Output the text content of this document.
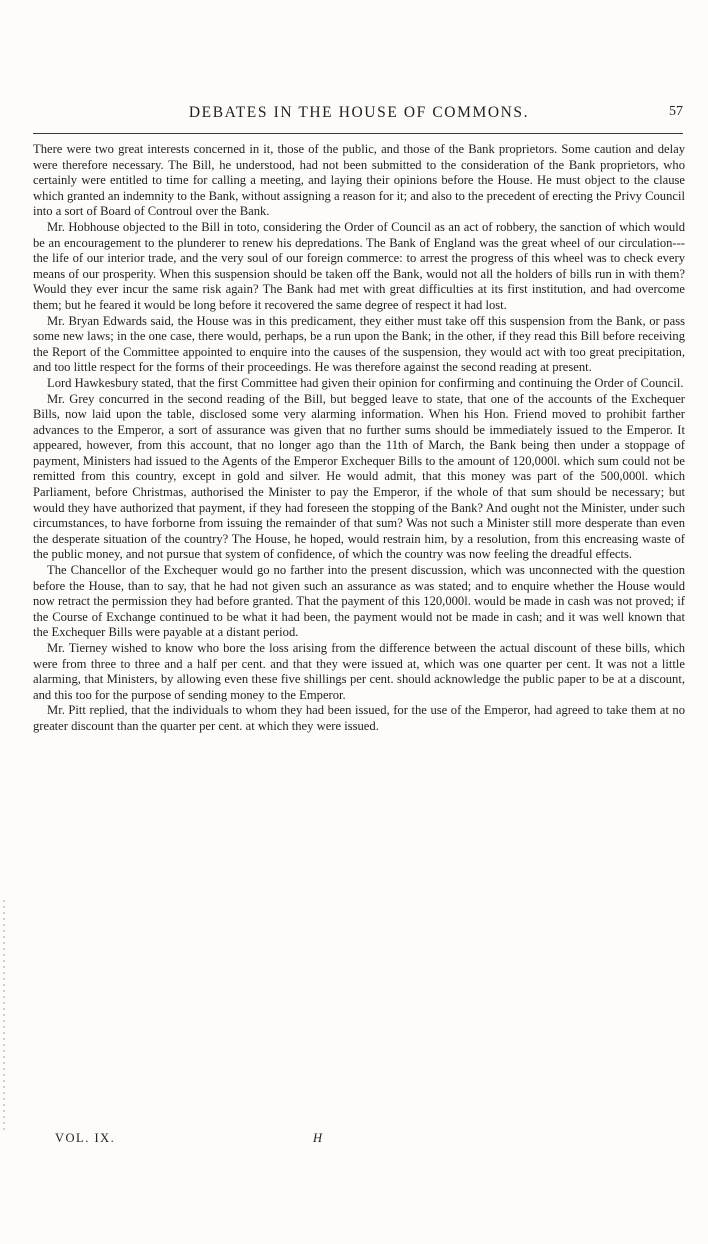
DEBATES IN THE HOUSE OF COMMONS.	57

There were two great interests concerned in it, those of the public, and those of the Bank proprietors. Some caution and delay were therefore necessary. The Bill, he understood, had not been submitted to the consideration of the Bank proprietors, who certainly were entitled to time for calling a meeting, and laying their opinions before the House. He must object to the clause which granted an indemnity to the Bank, without assigning a reason for it; and also to the precedent of erecting the Privy Council into a sort of Board of Controul over the Bank.

Mr. Hobhouse objected to the Bill in toto, considering the Order of Council as an act of robbery, the sanction of which would be an encouragement to the plunderer to renew his depredations. The Bank of England was the great wheel of our circulation---the life of our interior trade, and the very soul of our foreign commerce: to arrest the progress of this wheel was to check every means of our prosperity. When this suspension should be taken off the Bank, would not all the holders of bills run in with them? Would they ever incur the same risk again? The Bank had met with great difficulties at its first institution, and had overcome them; but he feared it would be long before it recovered the same degree of respect it had lost.

Mr. Bryan Edwards said, the House was in this predicament, they either must take off this suspension from the Bank, or pass some new laws; in the one case, there would, perhaps, be a run upon the Bank; in the other, if they read this Bill before receiving the Report of the Committee appointed to enquire into the causes of the suspension, they would act with too great precipitation, and too little respect for the forms of their proceedings. He was therefore against the second reading at present.

Lord Hawkesbury stated, that the first Committee had given their opinion for confirming and continuing the Order of Council.

Mr. Grey concurred in the second reading of the Bill, but begged leave to state, that one of the accounts of the Exchequer Bills, now laid upon the table, disclosed some very alarming information. When his Hon. Friend moved to prohibit farther advances to the Emperor, a sort of assurance was given that no further sums should be immediately issued to the Emperor. It appeared, however, from this account, that no longer ago than the 11th of March, the Bank being then under a stoppage of payment, Ministers had issued to the Agents of the Emperor Exchequer Bills to the amount of 120,000l. which sum could not be remitted from this country, except in gold and silver. He would admit, that this money was part of the 500,000l. which Parliament, before Christmas, authorised the Minister to pay the Emperor, if the whole of that sum should be necessary; but would they have authorized that payment, if they had foreseen the stopping of the Bank? And ought not the Minister, under such circumstances, to have forborne from issuing the remainder of that sum? Was not such a Minister still more desperate than even the desperate situation of the country? The House, he hoped, would restrain him, by a resolution, from this encreasing waste of the public money, and not pursue that system of confidence, of which the country was now feeling the dreadful effects.

The Chancellor of the Exchequer would go no farther into the present discussion, which was unconnected with the question before the House, than to say, that he had not given such an assurance as was stated; and to enquire whether the House would now retract the permission they had before granted. That the payment of this 120,000l. would be made in cash was not proved; if the Course of Exchange continued to be what it had been, the payment would not be made in cash; and it was well known that the Exchequer Bills were payable at a distant period.

Mr. Tierney wished to know who bore the loss arising from the difference between the actual discount of these bills, which were from three to three and a half per cent. and that they were issued at, which was one quarter per cent. It was not a little alarming, that Ministers, by allowing even these five shillings per cent. should acknowledge the public paper to be at a discount, and this too for the purpose of sending money to the Emperor.

Mr. Pitt replied, that the individuals to whom they had been issued, for the use of the Emperor, had agreed to take them at no greater discount than the quarter per cent. at which they were issued.

VOL. IX.	H
